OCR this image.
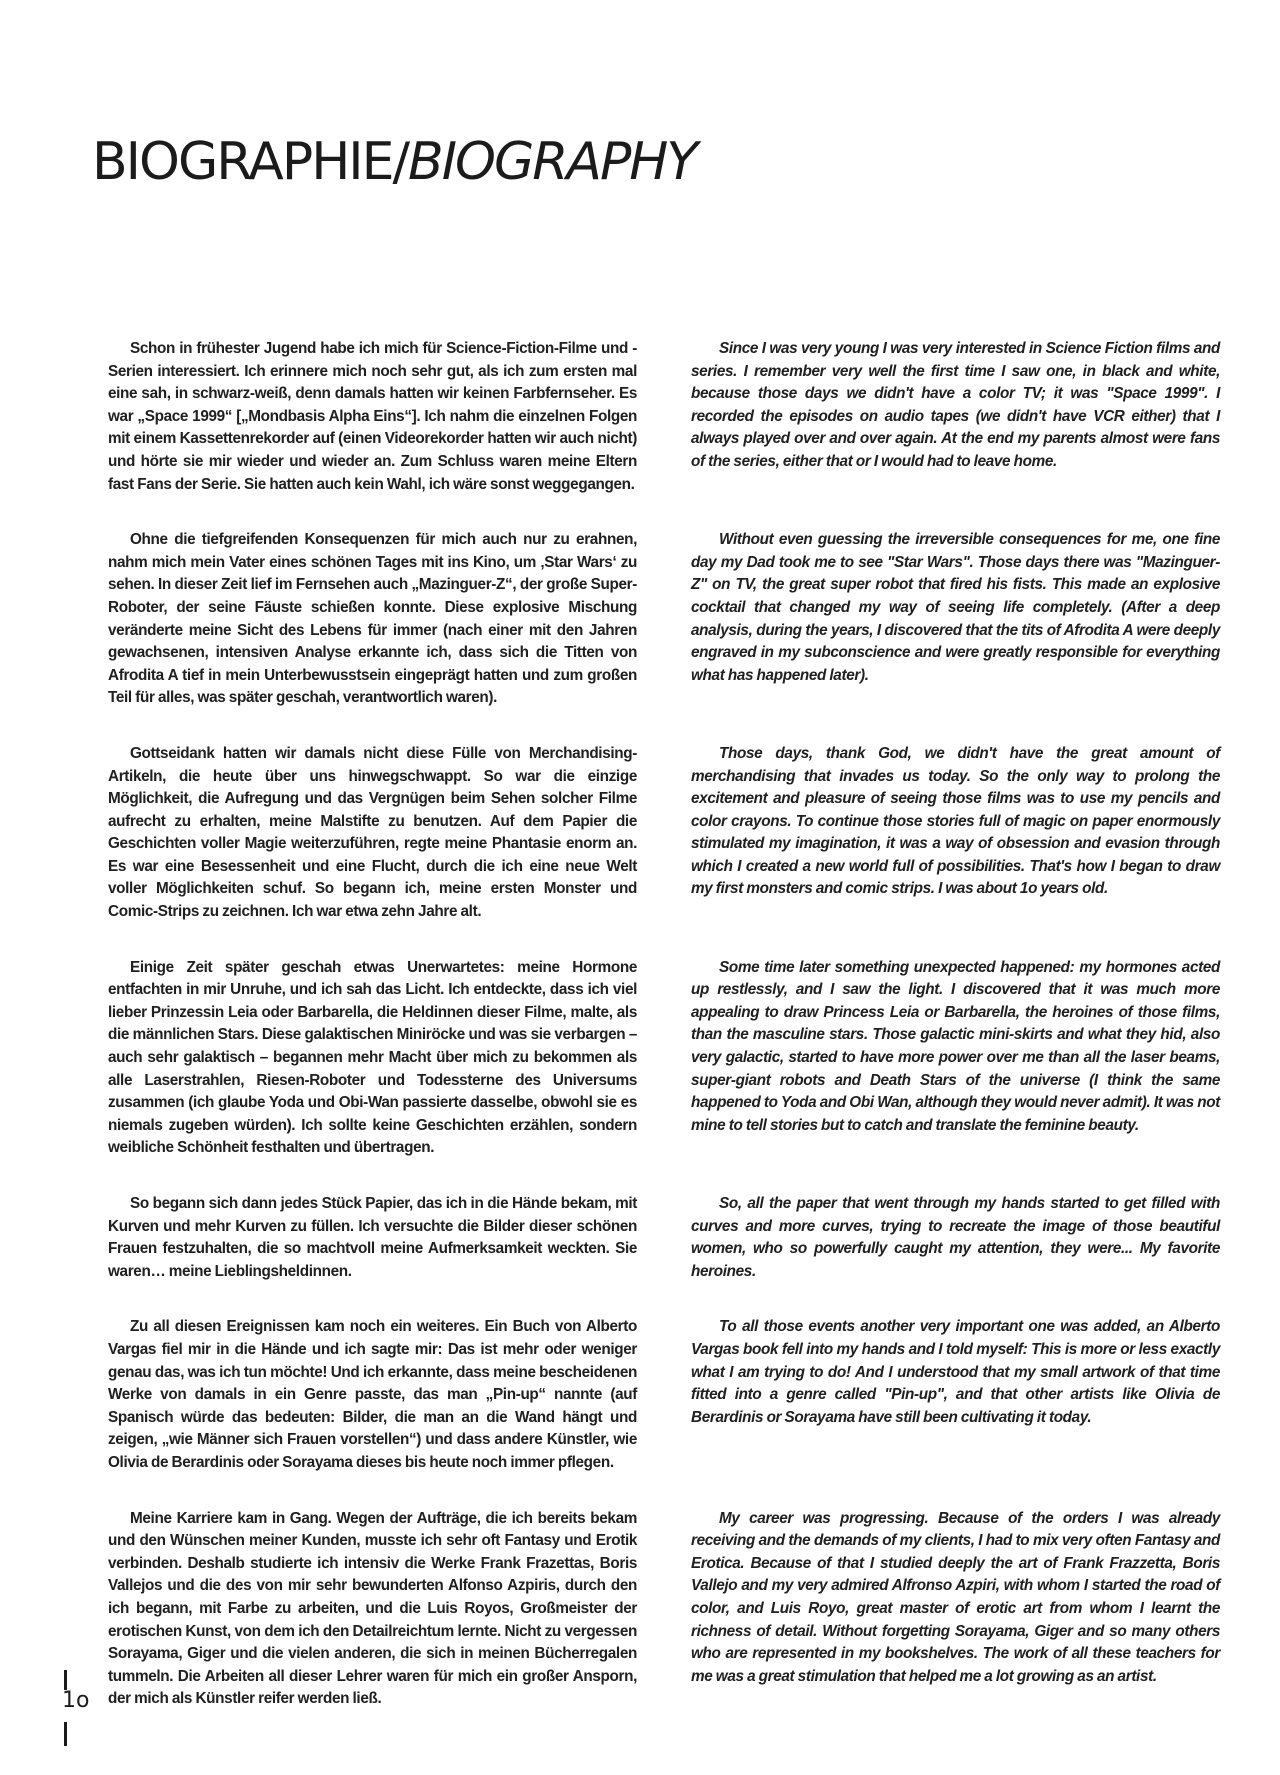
BIOGRAPHIE/BIOGRAPHY

Schon in frühester Jugend habe ich mich für Science-Fiction-Filme und -Serien interessiert. Ich erinnere mich noch sehr gut, als ich zum ersten mal eine sah, in schwarz-weiß, denn damals hatten wir keinen Farbfernseher. Es war „Space 1999“ [„Mondbasis Alpha Eins“]. Ich nahm die einzelnen Folgen mit einem Kassettenrekorder auf (einen Videorekorder hatten wir auch nicht) und hörte sie mir wieder und wieder an. Zum Schluss waren meine Eltern fast Fans der Serie. Sie hatten auch kein Wahl, ich wäre sonst weggegangen.

Since I was very young I was very interested in Science Fiction films and series. I remember very well the first time I saw one, in black and white, because those days we didn't have a color TV; it was "Space 1999". I recorded the episodes on audio tapes (we didn't have VCR either) that I always played over and over again. At the end my parents almost were fans of the series, either that or I would had to leave home.

Ohne die tiefgreifenden Konsequenzen für mich auch nur zu erahnen, nahm mich mein Vater eines schönen Tages mit ins Kino, um ‚Star Wars‘ zu sehen. In dieser Zeit lief im Fernsehen auch „Mazinguer-Z“, der große Super-Roboter, der seine Fäuste schießen konnte. Diese explosive Mischung veränderte meine Sicht des Lebens für immer (nach einer mit den Jahren gewachsenen, intensiven Analyse erkannte ich, dass sich die Titten von Afrodita A tief in mein Unterbewusstsein eingeprägt hatten und zum großen Teil für alles, was später geschah, verantwortlich waren).

Without even guessing the irreversible consequences for me, one fine day my Dad took me to see "Star Wars". Those days there was "Mazinguer-Z" on TV, the great super robot that fired his fists. This made an explosive cocktail that changed my way of seeing life completely. (After a deep analysis, during the years, I discovered that the tits of Afrodita A were deeply engraved in my subconscience and were greatly responsible for everything what has happened later).

Gottseidank hatten wir damals nicht diese Fülle von Merchandising-Artikeln, die heute über uns hinwegschwappt. So war die einzige Möglichkeit, die Aufregung und das Vergnügen beim Sehen solcher Filme aufrecht zu erhalten, meine Malstifte zu benutzen. Auf dem Papier die Geschichten voller Magie weiterzuführen, regte meine Phantasie enorm an. Es war eine Besessenheit und eine Flucht, durch die ich eine neue Welt voller Möglichkeiten schuf. So begann ich, meine ersten Monster und Comic-Strips zu zeichnen. Ich war etwa zehn Jahre alt.

Those days, thank God, we didn't have the great amount of merchandising that invades us today. So the only way to prolong the excitement and pleasure of seeing those films was to use my pencils and color crayons. To continue those stories full of magic on paper enormously stimulated my imagination, it was a way of obsession and evasion through which I created a new world full of possibilities. That's how I began to draw my first monsters and comic strips. I was about 1o years old.

Einige Zeit später geschah etwas Unerwartetes: meine Hormone entfachten in mir Unruhe, und ich sah das Licht. Ich entdeckte, dass ich viel lieber Prinzessin Leia oder Barbarella, die Heldinnen dieser Filme, malte, als die männlichen Stars. Diese galaktischen Miniröcke und was sie verbargen – auch sehr galaktisch – begannen mehr Macht über mich zu bekommen als alle Laserstrahlen, Riesen-Roboter und Todessterne des Universums zusammen (ich glaube Yoda und Obi-Wan passierte dasselbe, obwohl sie es niemals zugeben würden). Ich sollte keine Geschichten erzählen, sondern weibliche Schönheit festhalten und übertragen.

Some time later something unexpected happened: my hormones acted up restlessly, and I saw the light. I discovered that it was much more appealing to draw Princess Leia or Barbarella, the heroines of those films, than the masculine stars. Those galactic mini-skirts and what they hid, also very galactic, started to have more power over me than all the laser beams, super-giant robots and Death Stars of the universe (I think the same happened to Yoda and Obi Wan, although they would never admit). It was not mine to tell stories but to catch and translate the feminine beauty.

So begann sich dann jedes Stück Papier, das ich in die Hände bekam, mit Kurven und mehr Kurven zu füllen. Ich versuchte die Bilder dieser schönen Frauen festzuhalten, die so machtvoll meine Aufmerksamkeit weckten. Sie waren… meine Lieblingsheldinnen.

So, all the paper that went through my hands started to get filled with curves and more curves, trying to recreate the image of those beautiful women, who so powerfully caught my attention, they were... My favorite heroines.

Zu all diesen Ereignissen kam noch ein weiteres. Ein Buch von Alberto Vargas fiel mir in die Hände und ich sagte mir: Das ist mehr oder weniger genau das, was ich tun möchte! Und ich erkannte, dass meine bescheidenen Werke von damals in ein Genre passte, das man „Pin-up“ nannte (auf Spanisch würde das bedeuten: Bilder, die man an die Wand hängt und zeigen, „wie Männer sich Frauen vorstellen“) und dass andere Künstler, wie Olivia de Berardinis oder Sorayama dieses bis heute noch immer pflegen.

To all those events another very important one was added, an Alberto Vargas book fell into my hands and I told myself: This is more or less exactly what I am trying to do! And I understood that my small artwork of that time fitted into a genre called "Pin-up", and that other artists like Olivia de Berardinis or Sorayama have still been cultivating it today.

Meine Karriere kam in Gang. Wegen der Aufträge, die ich bereits bekam und den Wünschen meiner Kunden, musste ich sehr oft Fantasy und Erotik verbinden. Deshalb studierte ich intensiv die Werke Frank Frazettas, Boris Vallejos und die des von mir sehr bewunderten Alfonso Azpiris, durch den ich begann, mit Farbe zu arbeiten, und die Luis Royos, Großmeister der erotischen Kunst, von dem ich den Detailreichtum lernte. Nicht zu vergessen Sorayama, Giger und die vielen anderen, die sich in meinen Bücherregalen tummeln. Die Arbeiten all dieser Lehrer waren für mich ein großer Ansporn, der mich als Künstler reifer werden ließ.

My career was progressing. Because of the orders I was already receiving and the demands of my clients, I had to mix very often Fantasy and Erotica. Because of that I studied deeply the art of Frank Frazzetta, Boris Vallejo and my very admired Alfronso Azpiri, with whom I started the road of color, and Luis Royo, great master of erotic art from whom I learnt the richness of detail. Without forgetting Sorayama, Giger and so many others who are represented in my bookshelves. The work of all these teachers for me was a great stimulation that helped me a lot growing as an artist.

1o
